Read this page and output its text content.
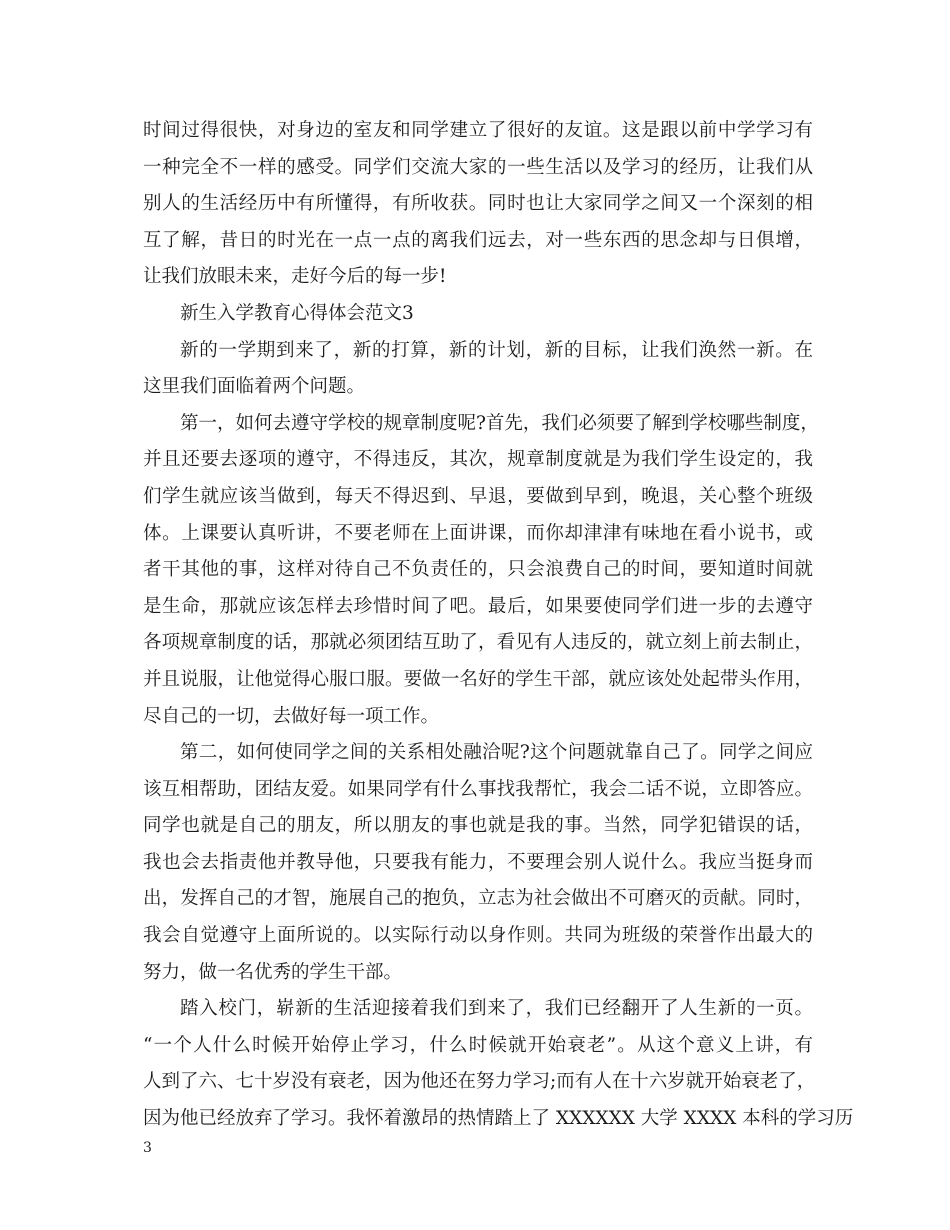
时间过得很快，对身边的室友和同学建立了很好的友谊。这是跟以前中学学习有
一种完全不一样的感受。同学们交流大家的一些生活以及学习的经历，让我们从
别人的生活经历中有所懂得，有所收获。同时也让大家同学之间又一个深刻的相
互了解，昔日的时光在一点一点的离我们远去，对一些东西的思念却与日俱增，
让我们放眼未来，走好今后的每一步!
新生入学教育心得体会范文3
新的一学期到来了，新的打算，新的计划，新的目标，让我们涣然一新。在
这里我们面临着两个问题。
第一，如何去遵守学校的规章制度呢?首先，我们必须要了解到学校哪些制度，
并且还要去逐项的遵守，不得违反，其次，规章制度就是为我们学生设定的，我
们学生就应该当做到，每天不得迟到、早退，要做到早到，晚退，关心整个班级
体。上课要认真听讲，不要老师在上面讲课，而你却津津有味地在看小说书，或
者干其他的事，这样对待自己不负责任的，只会浪费自己的时间，要知道时间就
是生命，那就应该怎样去珍惜时间了吧。最后，如果要使同学们进一步的去遵守
各项规章制度的话，那就必须团结互助了，看见有人违反的，就立刻上前去制止，
并且说服，让他觉得心服口服。要做一名好的学生干部，就应该处处起带头作用，
尽自己的一切，去做好每一项工作。
第二，如何使同学之间的关系相处融洽呢?这个问题就靠自己了。同学之间应
该互相帮助，团结友爱。如果同学有什么事找我帮忙，我会二话不说，立即答应。
同学也就是自己的朋友，所以朋友的事也就是我的事。当然，同学犯错误的话，
我也会去指责他并教导他，只要我有能力，不要理会别人说什么。我应当挺身而
出，发挥自己的才智，施展自己的抱负，立志为社会做出不可磨灭的贡献。同时，
我会自觉遵守上面所说的。以实际行动以身作则。共同为班级的荣誉作出最大的
努力，做一名优秀的学生干部。
踏入校门，崭新的生活迎接着我们到来了，我们已经翻开了人生新的一页。
“一个人什么时候开始停止学习，什么时候就开始衰老”。从这个意义上讲，有
人到了六、七十岁没有衰老，因为他还在努力学习;而有人在十六岁就开始衰老了，
因为他已经放弃了学习。我怀着激昂的热情踏上了 XXXXXX 大学 XXXX 本科的学习历
3
